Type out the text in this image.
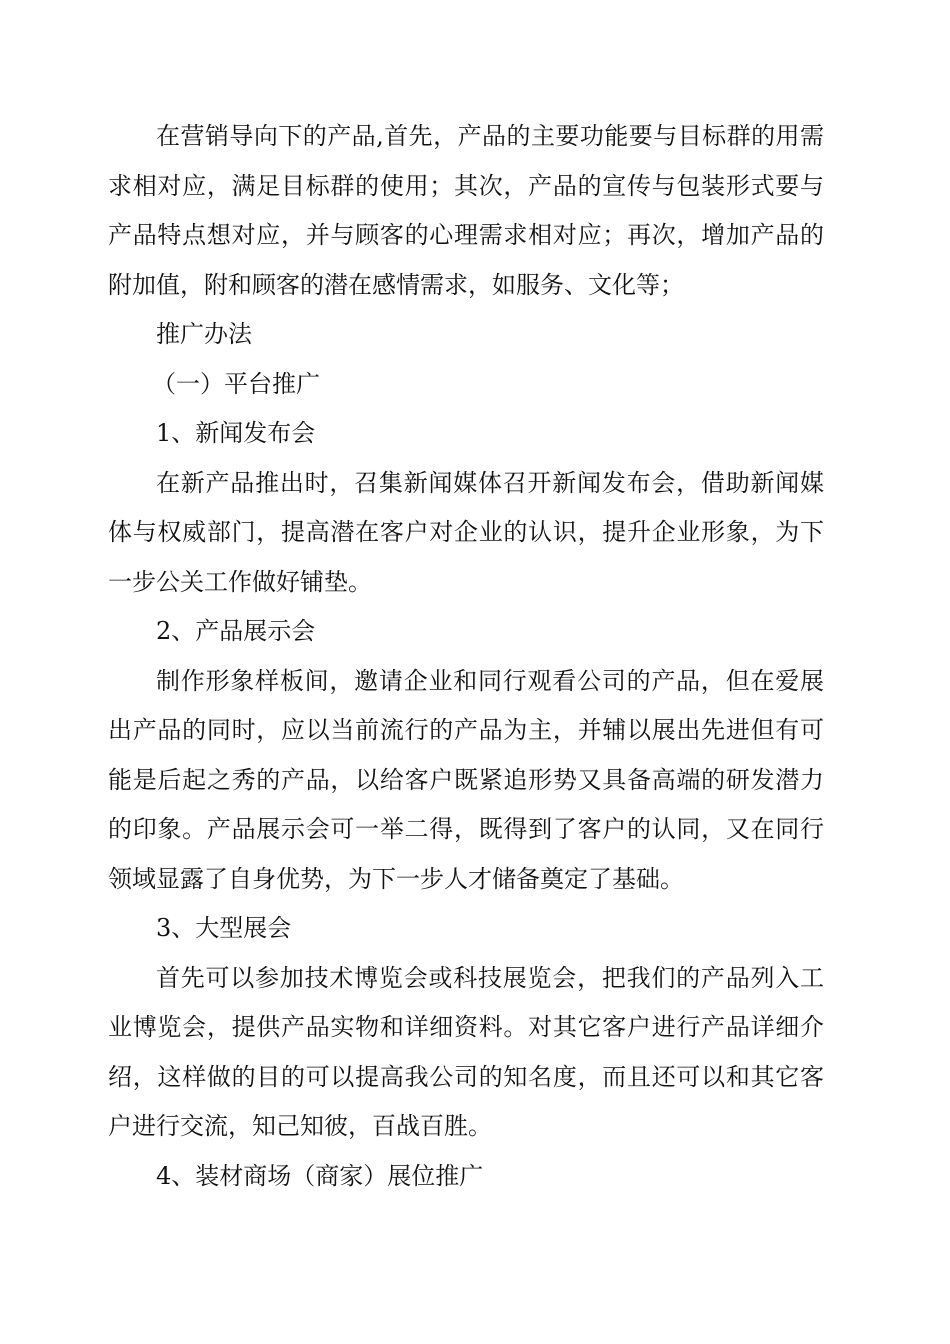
在营销导向下的产品,首先，产品的主要功能要与目标群的用需求相对应，满足目标群的使用；其次，产品的宣传与包装形式要与产品特点想对应，并与顾客的心理需求相对应；再次，增加产品的附加值，附和顾客的潜在感情需求，如服务、文化等；

推广办法

（一）平台推广

1、新闻发布会

在新产品推出时，召集新闻媒体召开新闻发布会，借助新闻媒体与权威部门，提高潜在客户对企业的认识，提升企业形象，为下一步公关工作做好铺垫。

2、产品展示会

制作形象样板间，邀请企业和同行观看公司的产品，但在爱展出产品的同时，应以当前流行的产品为主，并辅以展出先进但有可能是后起之秀的产品，以给客户既紧追形势又具备高端的研发潜力的印象。产品展示会可一举二得，既得到了客户的认同，又在同行领域显露了自身优势，为下一步人才储备奠定了基础。

3、大型展会

首先可以参加技术博览会或科技展览会，把我们的产品列入工业博览会，提供产品实物和详细资料。对其它客户进行产品详细介绍，这样做的目的可以提高我公司的知名度，而且还可以和其它客户进行交流，知己知彼，百战百胜。

4、装材商场（商家）展位推广
